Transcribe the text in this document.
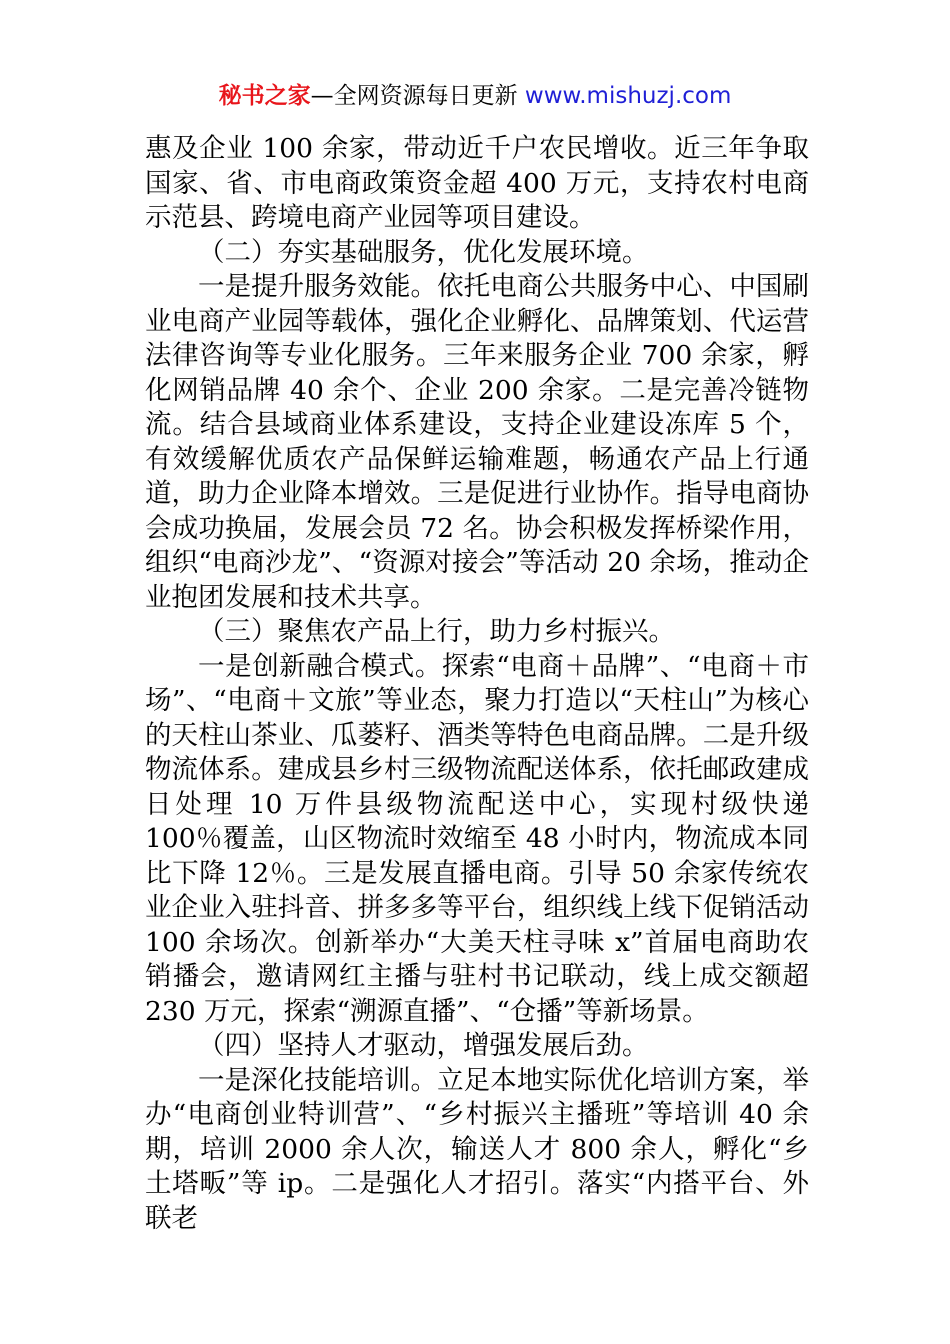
秘书之家—全网资源每日更新 www.mishuzj.com

惠及企业 100 余家，带动近千户农民增收。近三年争取国家、省、市电商政策资金超 400 万元，支持农村电商示范县、跨境电商产业园等项目建设。

（二）夯实基础服务，优化发展环境。

一是提升服务效能。依托电商公共服务中心、中国刷业电商产业园等载体，强化企业孵化、品牌策划、代运营法律咨询等专业化服务。三年来服务企业 700 余家，孵化网销品牌 40 余个、企业 200 余家。二是完善冷链物流。结合县域商业体系建设，支持企业建设冻库 5 个，有效缓解优质农产品保鲜运输难题，畅通农产品上行通道，助力企业降本增效。三是促进行业协作。指导电商协会成功换届，发展会员 72 名。协会积极发挥桥梁作用，组织“电商沙龙”、“资源对接会”等活动 20 余场，推动企业抱团发展和技术共享。

（三）聚焦农产品上行，助力乡村振兴。

一是创新融合模式。探索“电商＋品牌”、“电商＋市场”、“电商＋文旅”等业态，聚力打造以“天柱山”为核心的天柱山茶业、瓜蒌籽、酒类等特色电商品牌。二是升级物流体系。建成县乡村三级物流配送体系，依托邮政建成日处理 10 万件县级物流配送中心，实现村级快递 100％覆盖，山区物流时效缩至 48 小时内，物流成本同比下降 12％。三是发展直播电商。引导 50 余家传统农业企业入驻抖音、拼多多等平台，组织线上线下促销活动 100 余场次。创新举办“大美天柱寻味 x”首届电商助农销播会，邀请网红主播与驻村书记联动，线上成交额超 230 万元，探索“溯源直播”、“仓播”等新场景。

（四）坚持人才驱动，增强发展后劲。

一是深化技能培训。立足本地实际优化培训方案，举办“电商创业特训营”、“乡村振兴主播班”等培训 40 余期，培训 2000 余人次，输送人才 800 余人，孵化“乡土塔畈”等 ip。二是强化人才招引。落实“内搭平台、外联老
